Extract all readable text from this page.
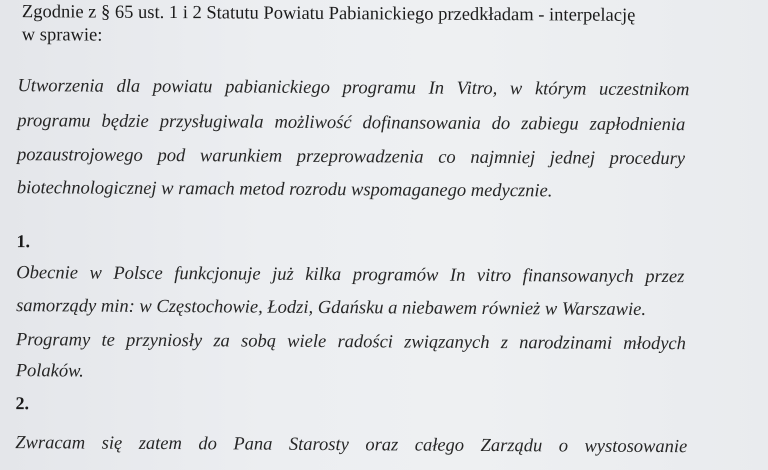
Zgodnie z § 65 ust. 1 i 2 Statutu Powiatu Pabianickiego przedkładam - interpelację
w sprawie:
Utworzenia dla powiatu pabianickiego programu In Vitro, w którym uczestnikom
programu będzie przysługiwala możliwość dofinansowania do zabiegu zapłodnienia
pozaustrojowego pod warunkiem przeprowadzenia co najmniej jednej procedury
biotechnologicznej w ramach metod rozrodu wspomaganego medycznie.
1.
Obecnie w Polsce funkcjonuje już kilka programów In vitro finansowanych przez
samorządy min: w Częstochowie, Łodzi, Gdańsku a niebawem również w Warszawie.
Programy te przyniosły za sobą wiele radości związanych z narodzinami młodych
Polaków.
2.
Zwracam się zatem do Pana Starosty oraz całego Zarządu o wystosowanie
